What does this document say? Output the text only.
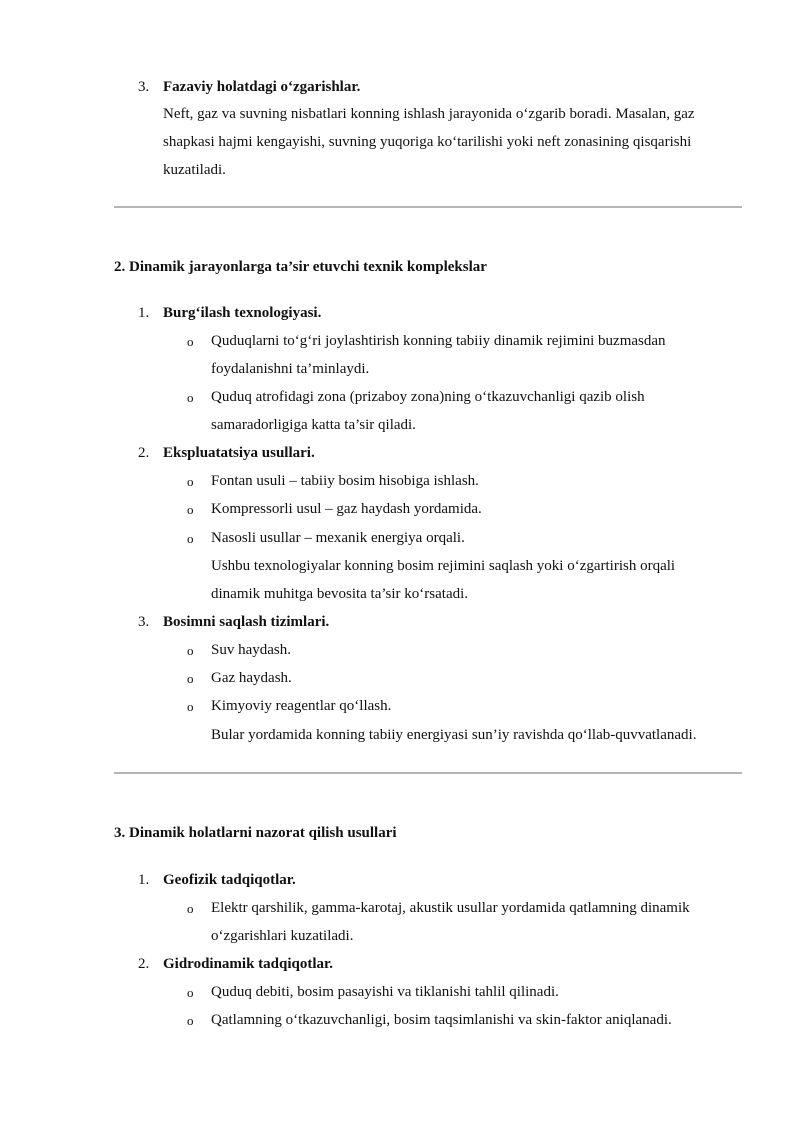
3. Fazaviy holatdagi o‘zgarishlar.
Neft, gaz va suvning nisbatlari konning ishlash jarayonida o‘zgarib boradi. Masalan, gaz
shapkasi hajmi kengayishi, suvning yuqoriga ko‘tarilishi yoki neft zonasining qisqarishi
kuzatiladi.
2. Dinamik jarayonlarga ta’sir etuvchi texnik komplekslar
1. Burg‘ilash texnologiyasi.
o Quduqlarni to‘g‘ri joylashtirish konning tabiiy dinamik rejimini buzmasdan
foydalanishni ta’minlaydi.
o Quduq atrofidagi zona (prizaboy zona)ning o‘tkazuvchanligi qazib olish
samaradorligiga katta ta’sir qiladi.
2. Ekspluatatsiya usullari.
o Fontan usuli – tabiiy bosim hisobiga ishlash.
o Kompressorli usul – gaz haydash yordamida.
o Nasosli usullar – mexanik energiya orqali.
Ushbu texnologiyalar konning bosim rejimini saqlash yoki o‘zgartirish orqali
dinamik muhitga bevosita ta’sir ko‘rsatadi.
3. Bosimni saqlash tizimlari.
o Suv haydash.
o Gaz haydash.
o Kimyoviy reagentlar qo‘llash.
Bular yordamida konning tabiiy energiyasi sun’iy ravishda qo‘llab-quvvatlanadi.
3. Dinamik holatlarni nazorat qilish usullari
1. Geofizik tadqiqotlar.
o Elektr qarshilik, gamma-karotaj, akustik usullar yordamida qatlamning dinamik
o‘zgarishlari kuzatiladi.
2. Gidrodinamik tadqiqotlar.
o Quduq debiti, bosim pasayishi va tiklanishi tahlil qilinadi.
o Qatlamning o‘tkazuvchanligi, bosim taqsimlanishi va skin-faktor aniqlanadi.
